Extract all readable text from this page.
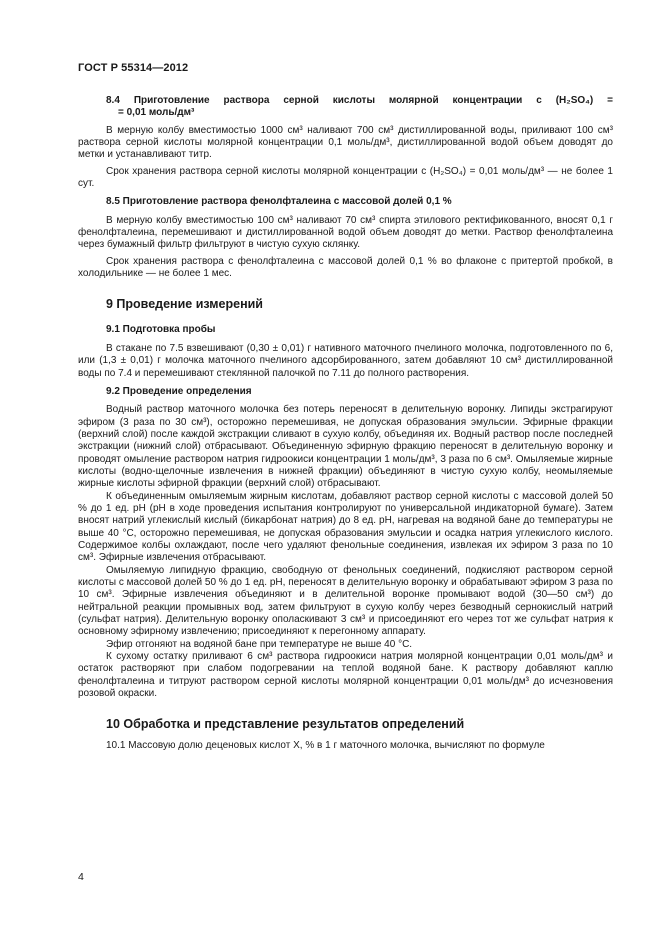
ГОСТ Р 55314—2012

8.4 Приготовление раствора серной кислоты молярной концентрации c (H₂SO₄) =

= 0,01 моль/дм³

В мерную колбу вместимостью 1000 см³ наливают 700 см³ дистиллированной воды, приливают 100 см³ раствора серной кислоты молярной концентрации 0,1 моль/дм³, дистиллированной водой объем доводят до метки и устанавливают титр.

Срок хранения раствора серной кислоты молярной концентрации c (H₂SO₄) = 0,01 моль/дм³ — не более 1 сут.

8.5 Приготовление раствора фенолфталеина с массовой долей 0,1 %

В мерную колбу вместимостью 100 см³ наливают 70 см³ спирта этилового ректификованного, вносят 0,1 г фенолфталеина, перемешивают и дистиллированной водой объем доводят до метки. Раствор фенолфталеина через бумажный фильтр фильтруют в чистую сухую склянку.

Срок хранения раствора с фенолфталеина с массовой долей 0,1 % во флаконе с притертой пробкой, в холодильнике — не более 1 мес.

9 Проведение измерений

9.1 Подготовка пробы

В стакане по 7.5 взвешивают (0,30 ± 0,01) г нативного маточного пчелиного молочка, подготовленного по 6, или (1,3 ± 0,01) г молочка маточного пчелиного адсорбированного, затем добавляют 10 см³ дистиллированной воды по 7.4 и перемешивают стеклянной палочкой по 7.11 до полного растворения.

9.2 Проведение определения

Водный раствор маточного молочка без потерь переносят в делительную воронку. Липиды экстрагируют эфиром (3 раза по 30 см³), осторожно перемешивая, не допуская образования эмульсии. Эфирные фракции (верхний слой) после каждой экстракции сливают в сухую колбу, объединяя их. Водный раствор после последней экстракции (нижний слой) отбрасывают. Объединенную эфирную фракцию переносят в делительную воронку и проводят омыление раствором натрия гидроокиси концентрации 1 моль/дм³, 3 раза по 6 см³. Омыляемые жирные кислоты (водно-щелочные извлечения в нижней фракции) объединяют в чистую сухую колбу, неомыляемые жирные кислоты эфирной фракции (верхний слой) отбрасывают.

К объединенным омыляемым жирным кислотам, добавляют раствор серной кислоты с массовой долей 50 % до 1 ед. pH (pH в ходе проведения испытания контролируют по универсальной индикаторной бумаге). Затем вносят натрий углекислый кислый (бикарбонат натрия) до 8 ед. pH, нагревая на водяной бане до температуры не выше 40 °C, осторожно перемешивая, не допуская образования эмульсии и осадка натрия углекислого кислого. Содержимое колбы охлаждают, после чего удаляют фенольные соединения, извлекая их эфиром 3 раза по 10 см³. Эфирные извлечения отбрасывают.

Омыляемую липидную фракцию, свободную от фенольных соединений, подкисляют раствором серной кислоты с массовой долей 50 % до 1 ед. pH, переносят в делительную воронку и обрабатывают эфиром 3 раза по 10 см³. Эфирные извлечения объединяют и в делительной воронке промывают водой (30—50 см³) до нейтральной реакции промывных вод, затем фильтруют в сухую колбу через безводный сернокислый натрий (сульфат натрия). Делительную воронку ополаскивают 3 см³ и присоединяют его через тот же сульфат натрия к основному эфирному извлечению; присоединяют к перегонному аппарату.

Эфир отгоняют на водяной бане при температуре не выше 40 °C.

К сухому остатку приливают 6 см³ раствора гидроокиси натрия молярной концентрации 0,01 моль/дм³ и остаток растворяют при слабом подогревании на теплой водяной бане. К раствору добавляют каплю фенолфталеина и титруют раствором серной кислоты молярной концентрации 0,01 моль/дм³ до исчезновения розовой окраски.

10 Обработка и представление результатов определений

10.1 Массовую долю деценовых кислот X, % в 1 г маточного молочка, вычисляют по формуле

4
